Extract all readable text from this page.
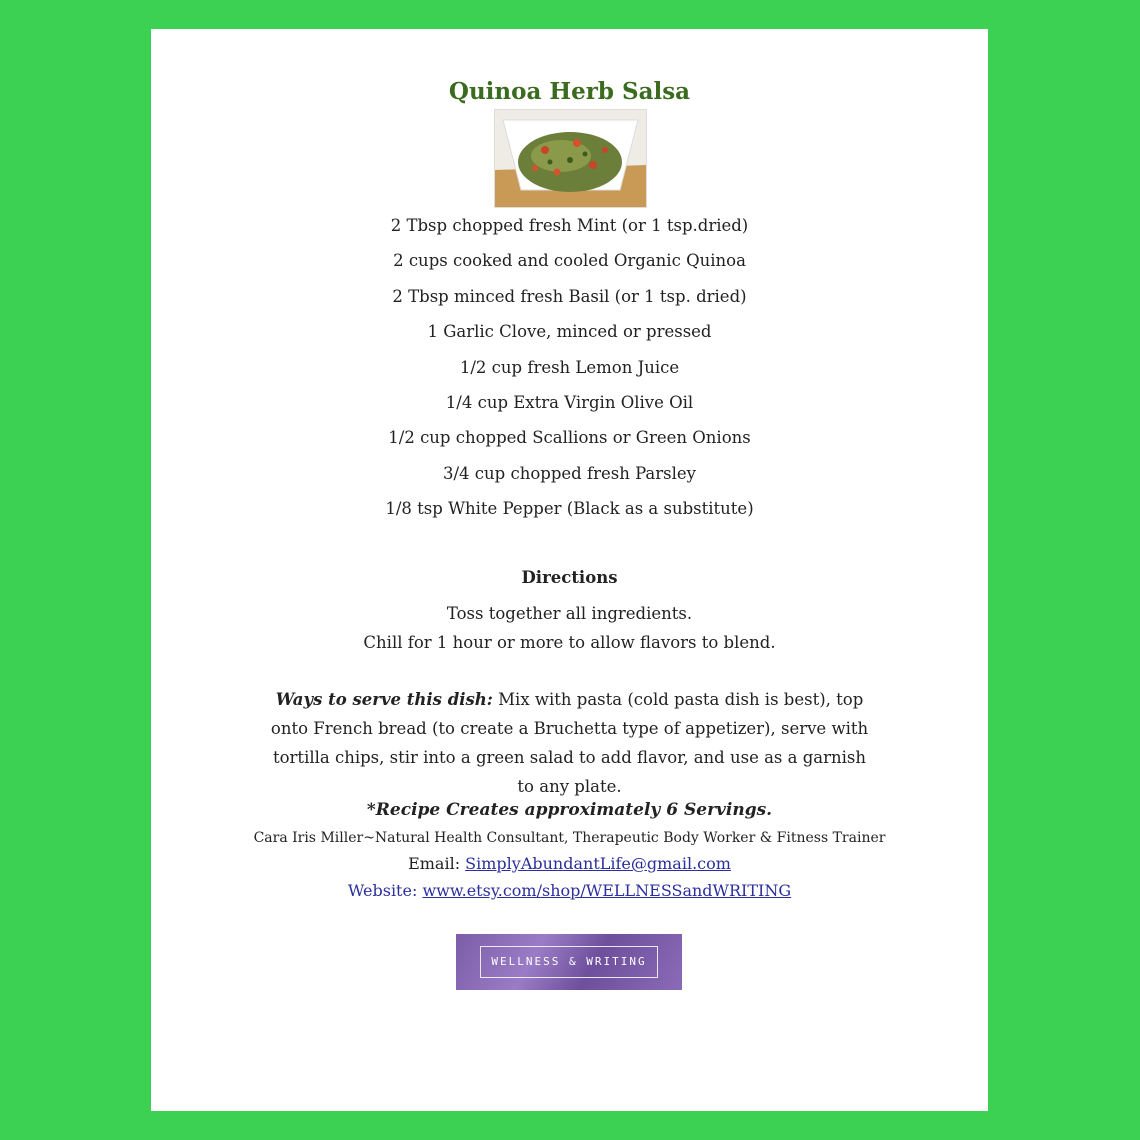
Quinoa Herb Salsa
2 Tbsp chopped fresh Mint (or 1 tsp.dried)
2 cups cooked and cooled Organic Quinoa
2 Tbsp minced fresh Basil (or 1 tsp. dried)
1 Garlic Clove, minced or pressed
1/2 cup fresh Lemon Juice
1/4 cup Extra Virgin Olive Oil
1/2 cup chopped Scallions or Green Onions
3/4 cup chopped fresh Parsley
1/8 tsp White Pepper (Black as a substitute)
Directions
Toss together all ingredients.
Chill for 1 hour or more to allow flavors to blend.
Ways to serve this dish: Mix with pasta (cold pasta dish is best), top onto French bread (to create a Bruchetta type of appetizer), serve with tortilla chips, stir into a green salad to add flavor, and use as a garnish to any plate.
*Recipe Creates approximately 6 Servings.
Cara Iris Miller~Natural Health Consultant, Therapeutic Body Worker & Fitness Trainer
Email: SimplyAbundantLife@gmail.com
Website: www.etsy.com/shop/WELLNESSandWRITING
WELLNESS & WRITING
